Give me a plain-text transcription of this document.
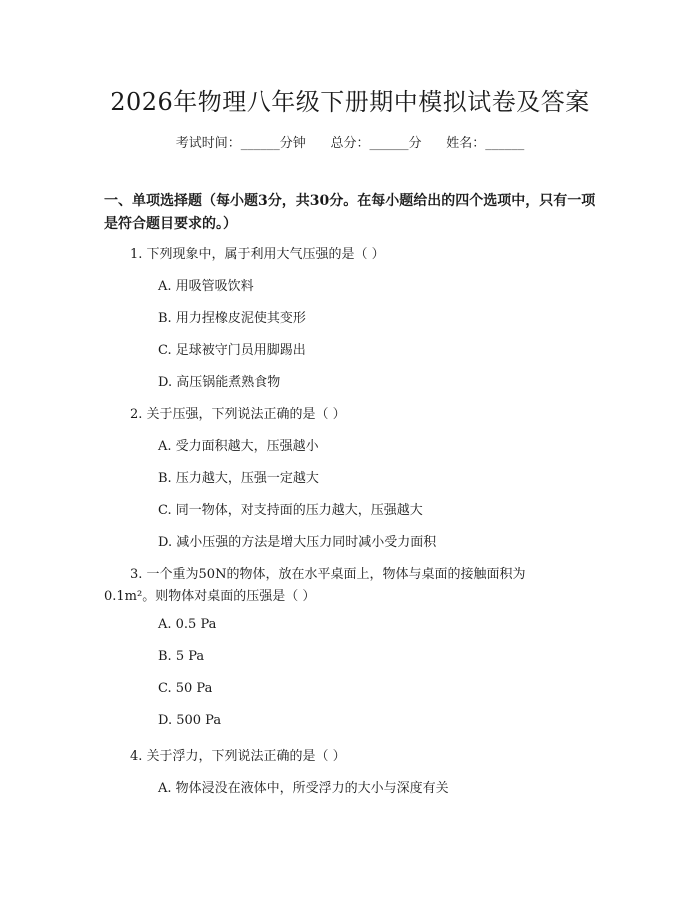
2026年物理八年级下册期中模拟试卷及答案
考试时间：______分钟      总分：______分      姓名：______
一、单项选择题（每小题3分，共30分。在每小题给出的四个选项中，只有一项是符合题目要求的。）
1. 下列现象中，属于利用大气压强的是（ ）
A. 用吸管吸饮料
B. 用力捏橡皮泥使其变形
C. 足球被守门员用脚踢出
D. 高压锅能煮熟食物
2. 关于压强，下列说法正确的是（ ）
A. 受力面积越大，压强越小
B. 压力越大，压强一定越大
C. 同一物体，对支持面的压力越大，压强越大
D. 减小压强的方法是增大压力同时减小受力面积
3. 一个重为50N的物体，放在水平桌面上，物体与桌面的接触面积为
0.1m²。则物体对桌面的压强是（ ）
A. 0.5 Pa
B. 5 Pa
C. 50 Pa
D. 500 Pa
4. 关于浮力，下列说法正确的是（ ）
A. 物体浸没在液体中，所受浮力的大小与深度有关
